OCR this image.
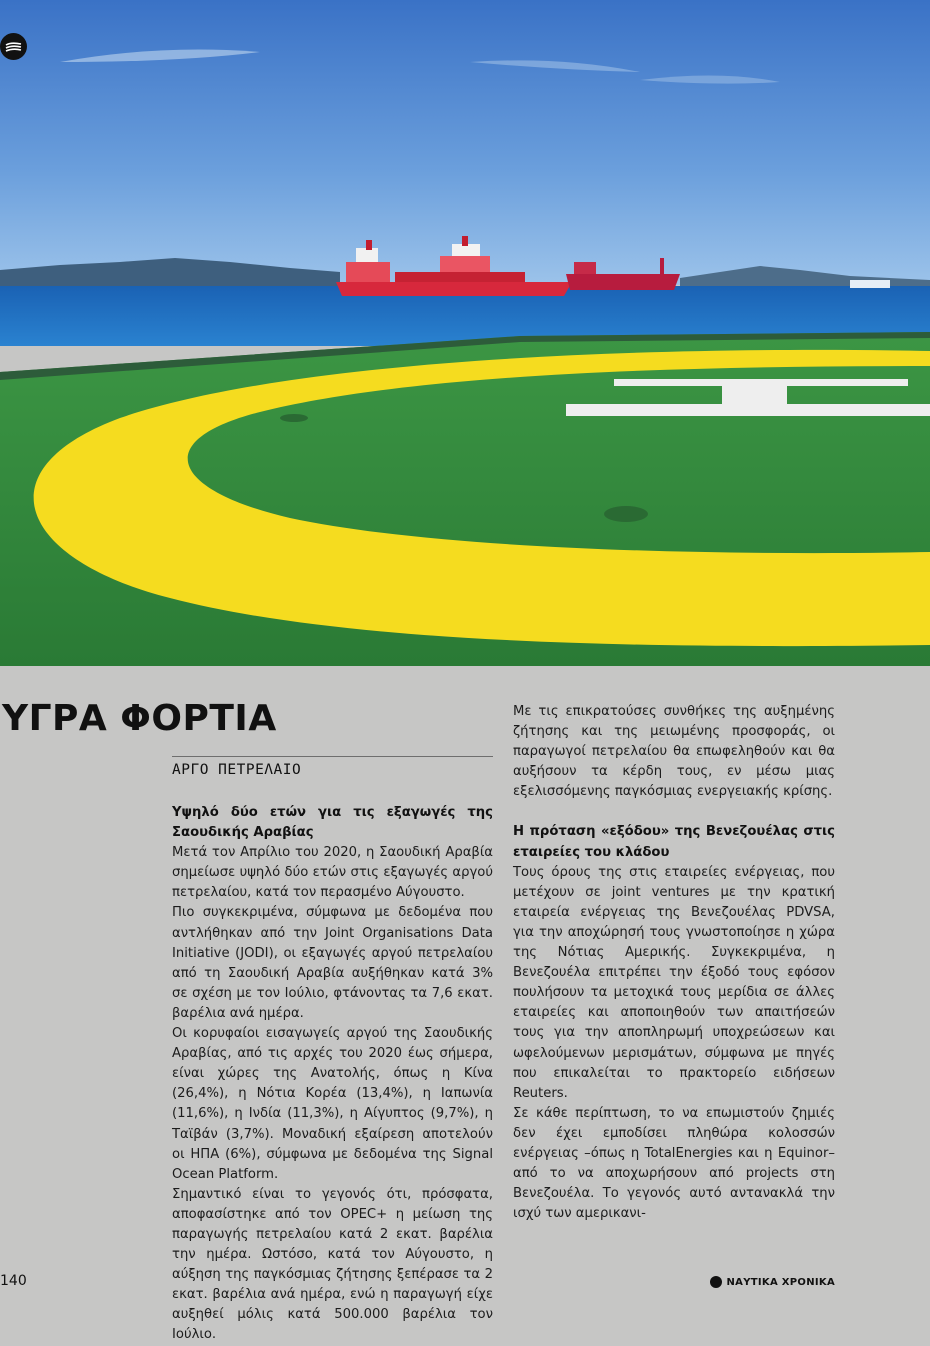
ΥΓΡΑ ΦΟΡΤΙΑ
ΑΡΓΟ ΠΕΤΡΕΛΑΙΟ
Υψηλό δύο ετών για τις εξαγωγές της Σαουδικής Αραβίας

Μετά τον Απρίλιο του 2020, η Σαουδική Αραβία σημείωσε υψηλό δύο ετών στις εξαγωγές αργού πετρελαίου, κατά τον περασμένο Αύγουστο.

Πιο συγκεκριμένα, σύμφωνα με δεδομένα που αντλήθηκαν από την Joint Organisations Data Initiative (JODI), οι εξαγωγές αργού πετρελαίου από τη Σαουδική Αραβία αυξήθηκαν κατά 3% σε σχέση με τον Ιούλιο, φτάνοντας τα 7,6 εκατ. βαρέλια ανά ημέρα.

Οι κορυφαίοι εισαγωγείς αργού της Σαουδικής Αραβίας, από τις αρχές του 2020 έως σήμερα, είναι χώρες της Ανατολής, όπως η Κίνα (26,4%), η Νότια Κορέα (13,4%), η Ιαπωνία (11,6%), η Ινδία (11,3%), η Αίγυπτος (9,7%), η Ταϊβάν (3,7%). Μοναδική εξαίρεση αποτελούν οι ΗΠΑ (6%), σύμφωνα με δεδομένα της Signal Ocean Platform.

Σημαντικό είναι το γεγονός ότι, πρόσφατα, αποφασίστηκε από τον OPEC+ η μείωση της παραγωγής πετρελαίου κατά 2 εκατ. βαρέλια την ημέρα. Ωστόσο, κατά τον Αύγουστο, η αύξηση της παγκόσμιας ζήτησης ξεπέρασε τα 2 εκατ. βαρέλια ανά ημέρα, ενώ η παραγωγή είχε αυξηθεί μόλις κατά 500.000 βαρέλια τον Ιούλιο.

Με τις επικρατούσες συνθήκες της αυξημένης ζήτησης και της μειωμένης προσφοράς, οι παραγωγοί πετρελαίου θα επωφεληθούν και θα αυξήσουν τα κέρδη τους, εν μέσω μιας εξελισσόμενης παγκόσμιας ενεργειακής κρίσης.

Η πρόταση «εξόδου» της Βενεζουέλας στις εταιρείες του κλάδου

Τους όρους της στις εταιρείες ενέργειας, που μετέχουν σε joint ventures με την κρατική εταιρεία ενέργειας της Βενεζουέλας PDVSA, για την αποχώρησή τους γνωστοποίησε η χώρα της Νότιας Αμερικής. Συγκεκριμένα, η Βενεζουέλα επιτρέπει την έξοδό τους εφόσον πουλήσουν τα μετοχικά τους μερίδια σε άλλες εταιρείες και αποποιηθούν των απαιτήσεών τους για την αποπληρωμή υποχρεώσεων και ωφελούμενων μερισμάτων, σύμφωνα με πηγές που επικαλείται το πρακτορείο ειδήσεων Reuters.

Σε κάθε περίπτωση, το να επωμιστούν ζημιές δεν έχει εμποδίσει πληθώρα κολοσσών ενέργειας –όπως η TotalEnergies και η Equinor– από το να αποχωρήσουν από projects στη Βενεζουέλα. Το γεγονός αυτό αντανακλά την ισχύ των αμερικανι-

140	ΝΑΥΤΙΚΑ ΧΡΟΝΙΚΑ
